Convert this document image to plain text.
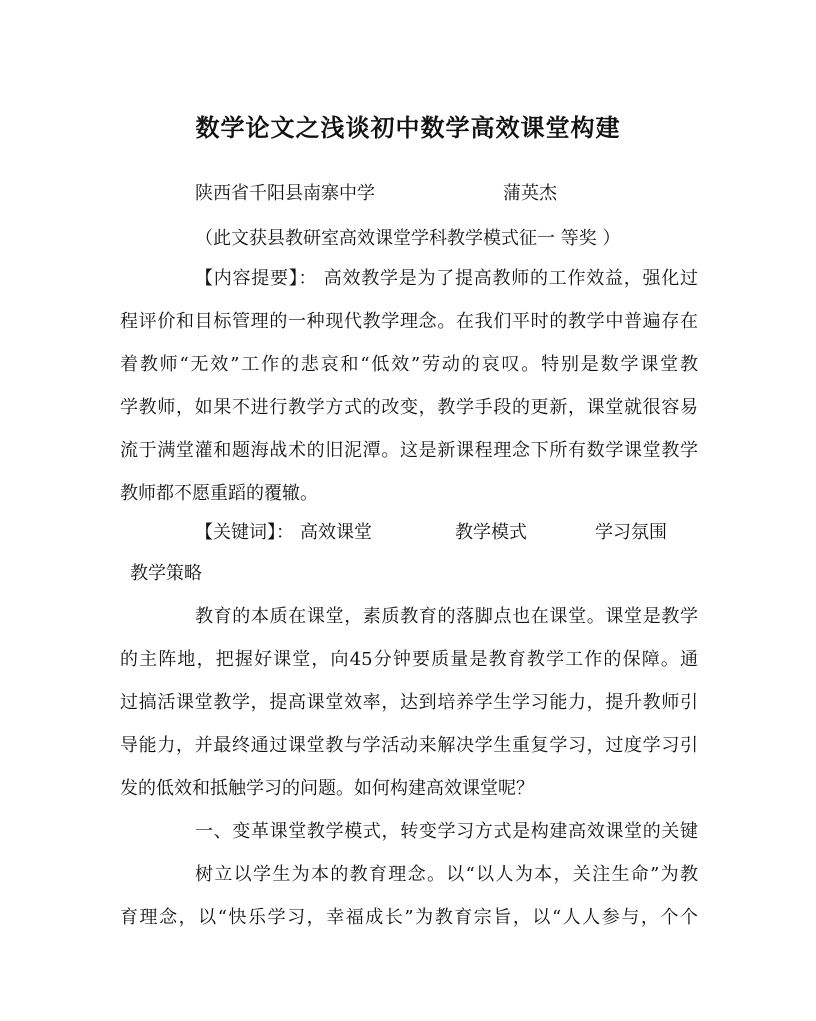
数学论文之浅谈初中数学高效课堂构建
陕西省千阳县南寨中学	蒲英杰
（此文获县教研室高效课堂学科教学模式征一 等奖 ）
【内容提要】： 高效教学是为了提高教师的工作效益，强化过
程评价和目标管理的一种现代教学理念。在我们平时的教学中普遍存在
着教师“无效”工作的悲哀和“低效”劳动的哀叹。特别是数学课堂教
学教师，如果不进行教学方式的改变，教学手段的更新，课堂就很容易
流于满堂灌和题海战术的旧泥潭。这是新课程理念下所有数学课堂教学
教师都不愿重蹈的覆辙。
【关键词】： 高效课堂	教学模式	学习氛围
教学策略
教育的本质在课堂，素质教育的落脚点也在课堂。课堂是教学
的主阵地，把握好课堂，向45分钟要质量是教育教学工作的保障。通
过搞活课堂教学，提高课堂效率，达到培养学生学习能力，提升教师引
导能力，并最终通过课堂教与学活动来解决学生重复学习，过度学习引
发的低效和抵触学习的问题。如何构建高效课堂呢？
一、变革课堂教学模式，转变学习方式是构建高效课堂的关键
树立以学生为本的教育理念。以“以人为本，关注生命”为教
育理念，以“快乐学习，幸福成长”为教育宗旨，以“人人参与，个个
